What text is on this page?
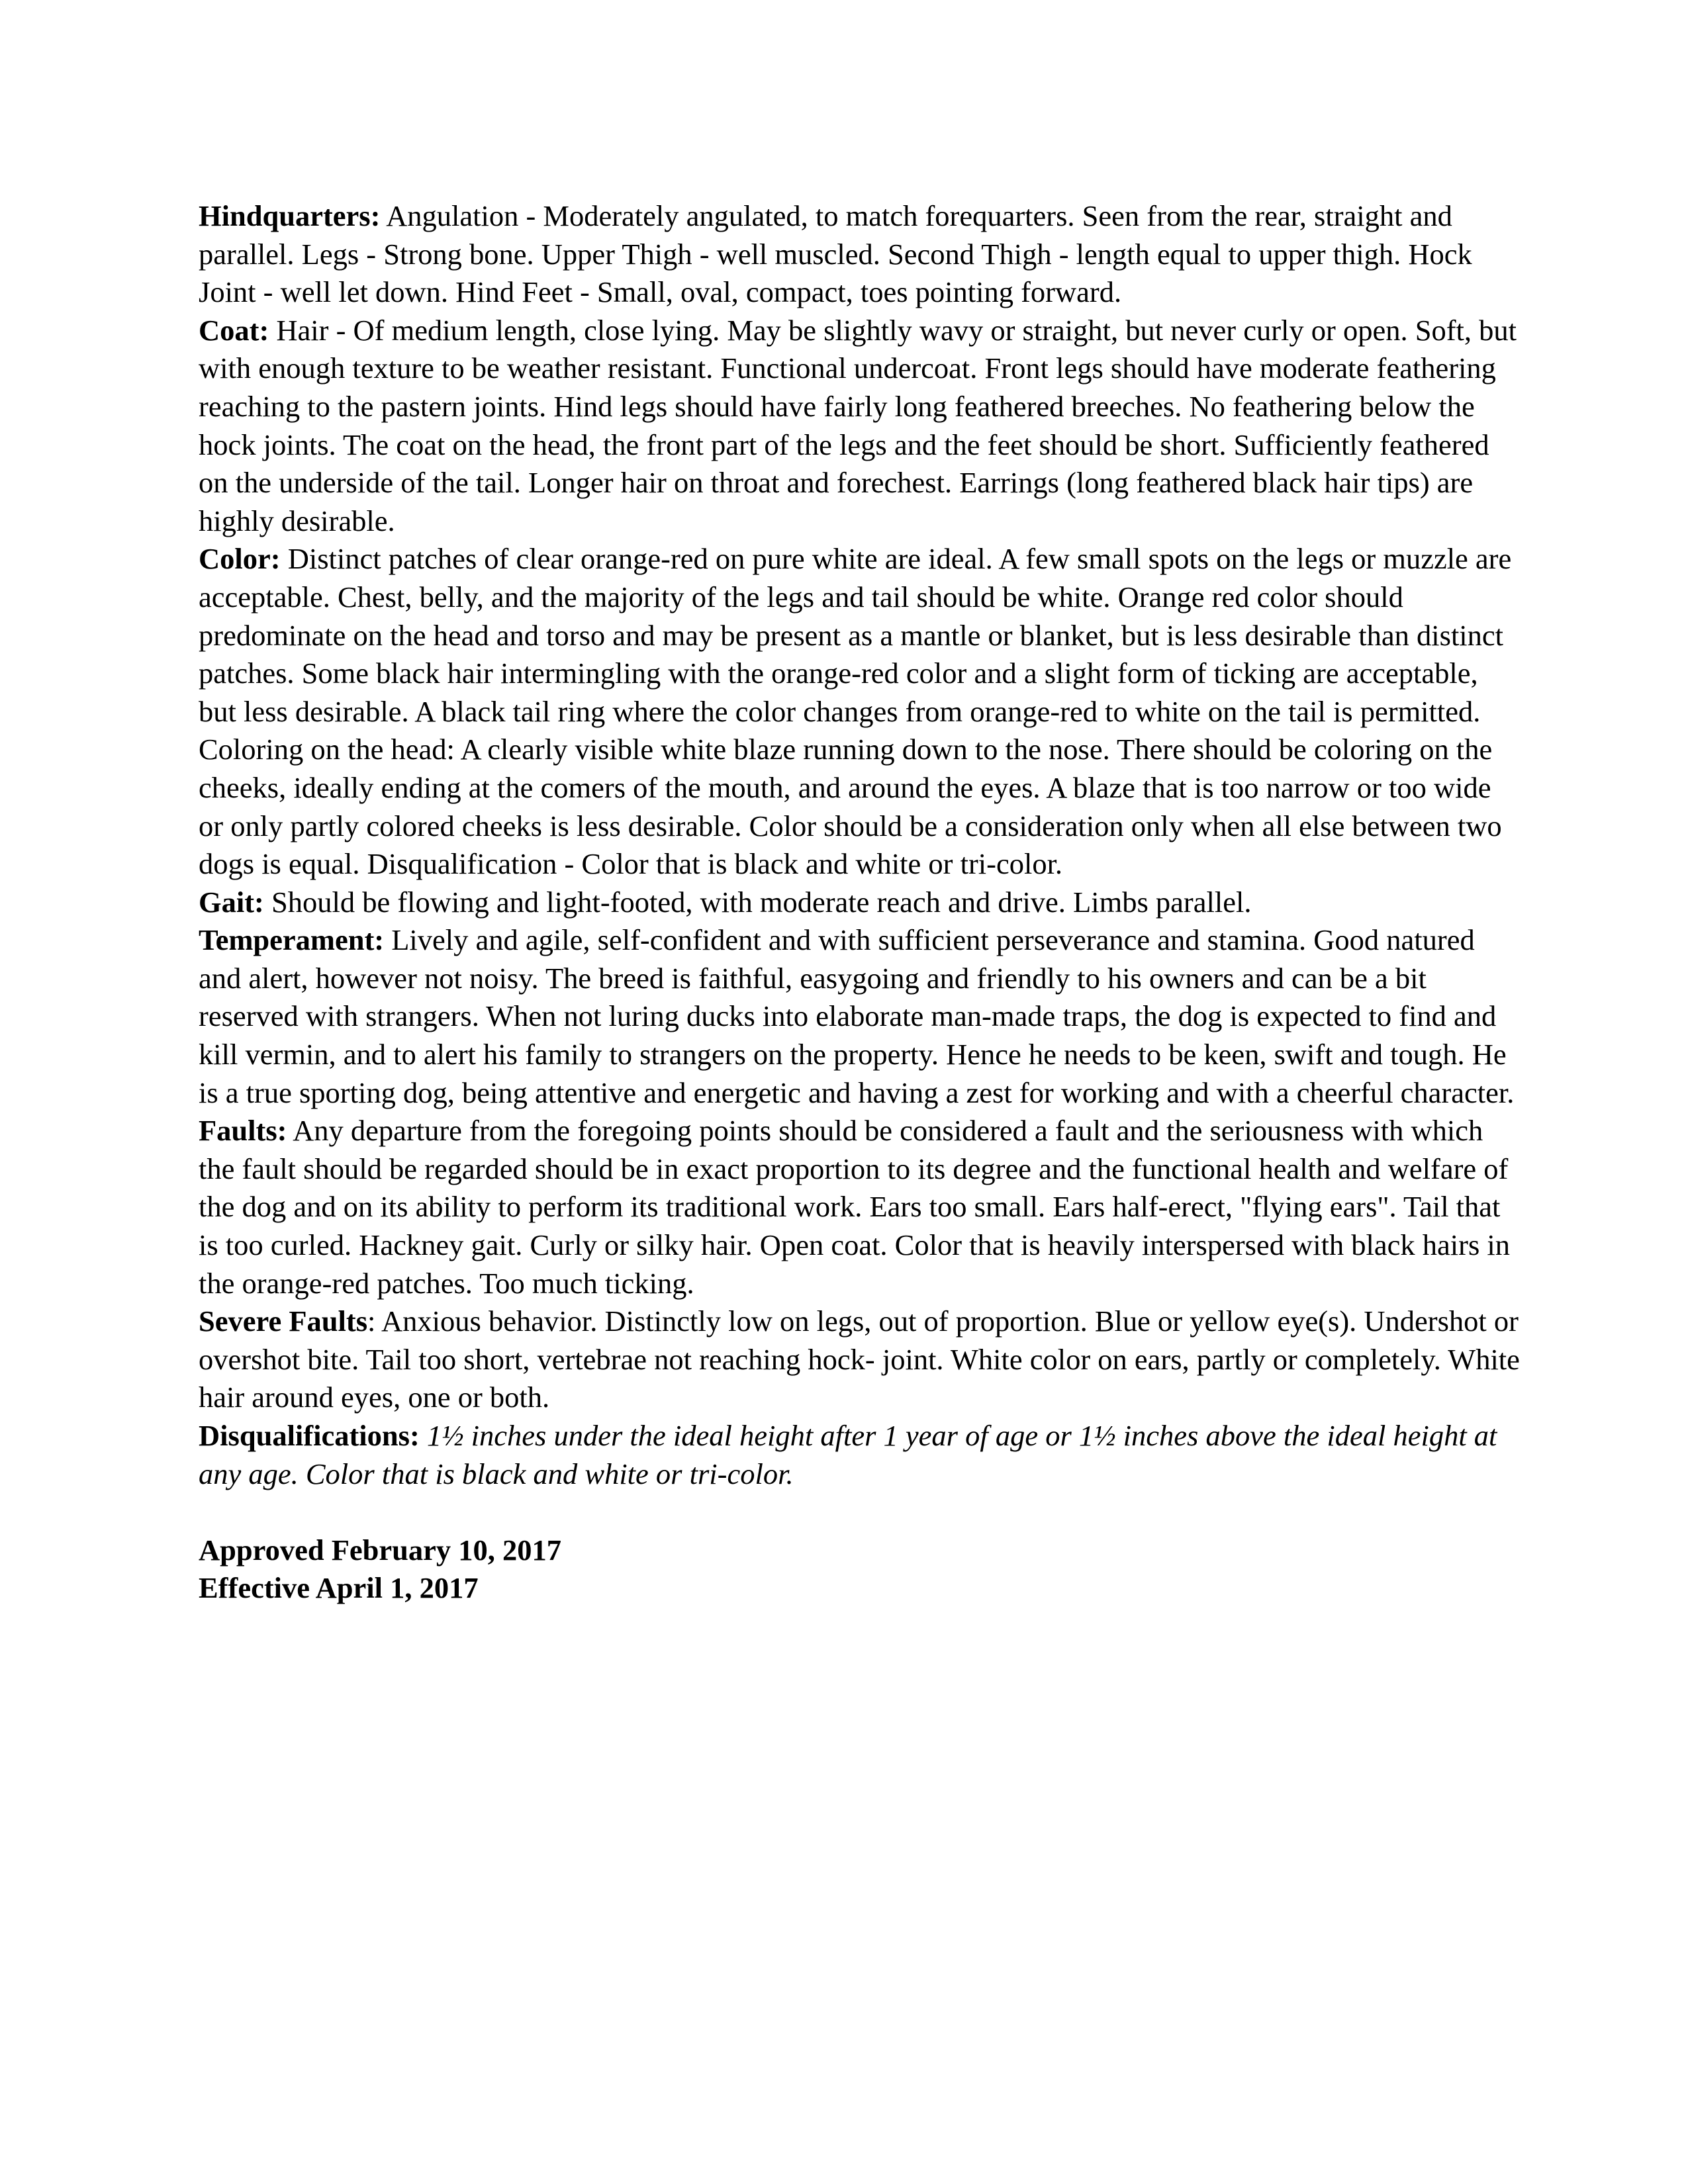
Hindquarters: Angulation - Moderately angulated, to match forequarters. Seen from the rear, straight and parallel. Legs - Strong bone. Upper Thigh - well muscled. Second Thigh - length equal to upper thigh. Hock Joint - well let down. Hind Feet - Small, oval, compact, toes pointing forward.

Coat: Hair - Of medium length, close lying. May be slightly wavy or straight, but never curly or open. Soft, but with enough texture to be weather resistant. Functional undercoat. Front legs should have moderate feathering reaching to the pastern joints. Hind legs should have fairly long feathered breeches. No feathering below the hock joints. The coat on the head, the front part of the legs and the feet should be short. Sufficiently feathered on the underside of the tail. Longer hair on throat and forechest. Earrings (long feathered black hair tips) are highly desirable.

Color: Distinct patches of clear orange-red on pure white are ideal. A few small spots on the legs or muzzle are acceptable. Chest, belly, and the majority of the legs and tail should be white. Orange red color should predominate on the head and torso and may be present as a mantle or blanket, but is less desirable than distinct patches. Some black hair intermingling with the orange-red color and a slight form of ticking are acceptable, but less desirable. A black tail ring where the color changes from orange-red to white on the tail is permitted.

Coloring on the head: A clearly visible white blaze running down to the nose. There should be coloring on the cheeks, ideally ending at the comers of the mouth, and around the eyes. A blaze that is too narrow or too wide or only partly colored cheeks is less desirable. Color should be a consideration only when all else between two dogs is equal. Disqualification - Color that is black and white or tri-color.

Gait: Should be flowing and light-footed, with moderate reach and drive. Limbs parallel.

Temperament: Lively and agile, self-confident and with sufficient perseverance and stamina. Good natured and alert, however not noisy. The breed is faithful, easygoing and friendly to his owners and can be a bit reserved with strangers. When not luring ducks into elaborate man-made traps, the dog is expected to find and kill vermin, and to alert his family to strangers on the property. Hence he needs to be keen, swift and tough. He is a true sporting dog, being attentive and energetic and having a zest for working and with a cheerful character.

Faults: Any departure from the foregoing points should be considered a fault and the seriousness with which the fault should be regarded should be in exact proportion to its degree and the functional health and welfare of the dog and on its ability to perform its traditional work. Ears too small. Ears half-erect, "flying ears". Tail that is too curled. Hackney gait. Curly or silky hair. Open coat. Color that is heavily interspersed with black hairs in the orange-red patches. Too much ticking.

Severe Faults: Anxious behavior. Distinctly low on legs, out of proportion. Blue or yellow eye(s). Undershot or overshot bite. Tail too short, vertebrae not reaching hock- joint. White color on ears, partly or completely. White hair around eyes, one or both.

Disqualifications: 1½ inches under the ideal height after 1 year of age or 1½ inches above the ideal height at any age. Color that is black and white or tri-color.

Approved February 10, 2017

Effective April 1, 2017
